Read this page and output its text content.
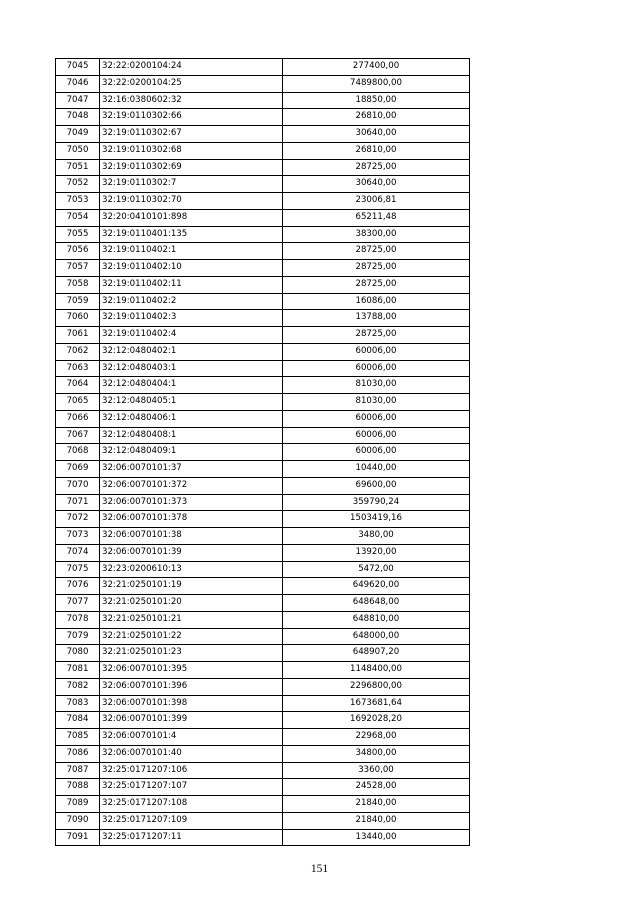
7045	32:22:0200104:24	277400,00
7046	32:22:0200104:25	7489800,00
7047	32:16:0380602:32	18850,00
7048	32:19:0110302:66	26810,00
7049	32:19:0110302:67	30640,00
7050	32:19:0110302:68	26810,00
7051	32:19:0110302:69	28725,00
7052	32:19:0110302:7	30640,00
7053	32:19:0110302:70	23006,81
7054	32:20:0410101:898	65211,48
7055	32:19:0110401:135	38300,00
7056	32:19:0110402:1	28725,00
7057	32:19:0110402:10	28725,00
7058	32:19:0110402:11	28725,00
7059	32:19:0110402:2	16086,00
7060	32:19:0110402:3	13788,00
7061	32:19:0110402:4	28725,00
7062	32:12:0480402:1	60006,00
7063	32:12:0480403:1	60006,00
7064	32:12:0480404:1	81030,00
7065	32:12:0480405:1	81030,00
7066	32:12:0480406:1	60006,00
7067	32:12:0480408:1	60006,00
7068	32:12:0480409:1	60006,00
7069	32:06:0070101:37	10440,00
7070	32:06:0070101:372	69600,00
7071	32:06:0070101:373	359790,24
7072	32:06:0070101:378	1503419,16
7073	32:06:0070101:38	3480,00
7074	32:06:0070101:39	13920,00
7075	32:23:0200610:13	5472,00
7076	32:21:0250101:19	649620,00
7077	32:21:0250101:20	648648,00
7078	32:21:0250101:21	648810,00
7079	32:21:0250101:22	648000,00
7080	32:21:0250101:23	648907,20
7081	32:06:0070101:395	1148400,00
7082	32:06:0070101:396	2296800,00
7083	32:06:0070101:398	1673681,64
7084	32:06:0070101:399	1692028,20
7085	32:06:0070101:4	22968,00
7086	32:06:0070101:40	34800,00
7087	32:25:0171207:106	3360,00
7088	32:25:0171207:107	24528,00
7089	32:25:0171207:108	21840,00
7090	32:25:0171207:109	21840,00
7091	32:25:0171207:11	13440,00
151
